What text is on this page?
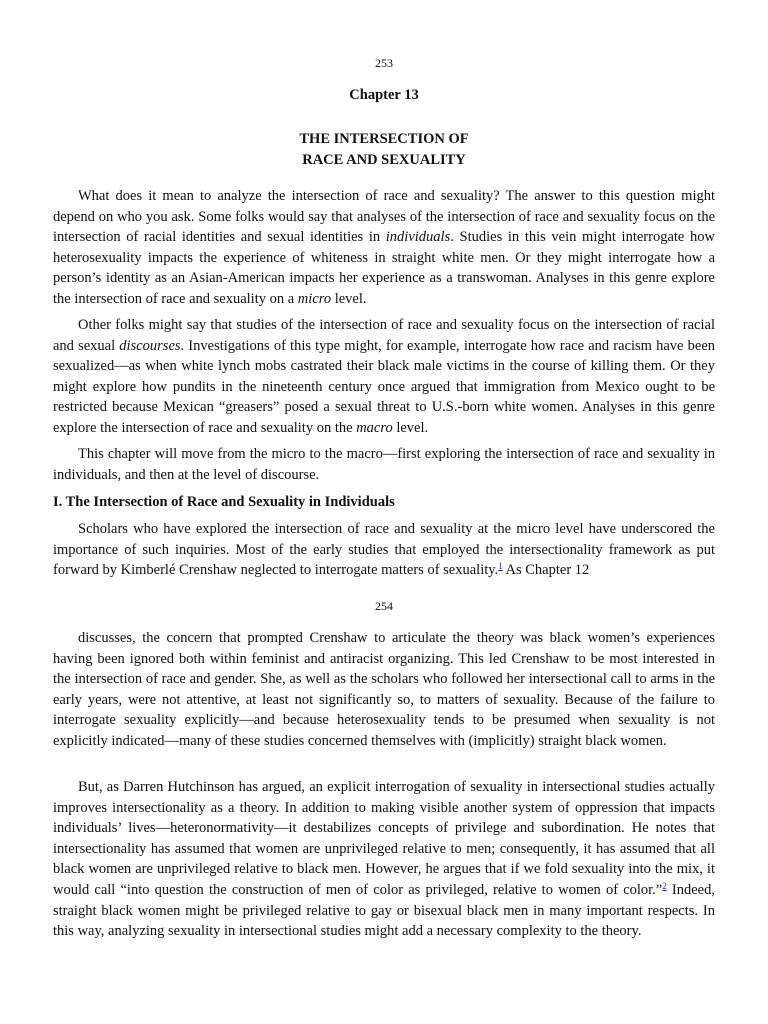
253
Chapter 13
THE INTERSECTION OF
RACE AND SEXUALITY

What does it mean to analyze the intersection of race and sexuality? The answer to this question might depend on who you ask. Some folks would say that analyses of the intersection of race and sexuality focus on the intersection of racial identities and sexual identities in individuals. Studies in this vein might interrogate how heterosexuality impacts the experience of whiteness in straight white men. Or they might interrogate how a person’s identity as an Asian-American impacts her experience as a transwoman. Analyses in this genre explore the intersection of race and sexuality on a micro level.

Other folks might say that studies of the intersection of race and sexuality focus on the intersection of racial and sexual discourses. Investigations of this type might, for example, interrogate how race and racism have been sexualized—as when white lynch mobs castrated their black male victims in the course of killing them. Or they might explore how pundits in the nineteenth century once argued that immigration from Mexico ought to be restricted because Mexican “greasers” posed a sexual threat to U.S.-born white women. Analyses in this genre explore the intersection of race and sexuality on the macro level.

This chapter will move from the micro to the macro—first exploring the intersection of race and sexuality in individuals, and then at the level of discourse.

I. The Intersection of Race and Sexuality in Individuals

Scholars who have explored the intersection of race and sexuality at the micro level have underscored the importance of such inquiries. Most of the early studies that employed the intersectionality framework as put forward by Kimberlé Crenshaw neglected to interrogate matters of sexuality.$^1$ As Chapter 12

254

discusses, the concern that prompted Crenshaw to articulate the theory was black women’s experiences having been ignored both within feminist and antiracist organizing. This led Crenshaw to be most interested in the intersection of race and gender. She, as well as the scholars who followed her intersectional call to arms in the early years, were not attentive, at least not significantly so, to matters of sexuality. Because of the failure to interrogate sexuality explicitly—and because heterosexuality tends to be presumed when sexuality is not explicitly indicated—many of these studies concerned themselves with (implicitly) straight black women.

But, as Darren Hutchinson has argued, an explicit interrogation of sexuality in intersectional studies actually improves intersectionality as a theory. In addition to making visible another system of oppression that impacts individuals’ lives—heteronormativity—it destabilizes concepts of privilege and subordination. He notes that intersectionality has assumed that women are unprivileged relative to men; consequently, it has assumed that all black women are unprivileged relative to black men. However, he argues that if we fold sexuality into the mix, it would call “into question the construction of men of color as privileged, relative to women of color.”$^2$ Indeed, straight black women might be privileged relative to gay or bisexual black men in many important respects. In this way, analyzing sexuality in intersectional studies might add a necessary complexity to the theory.
